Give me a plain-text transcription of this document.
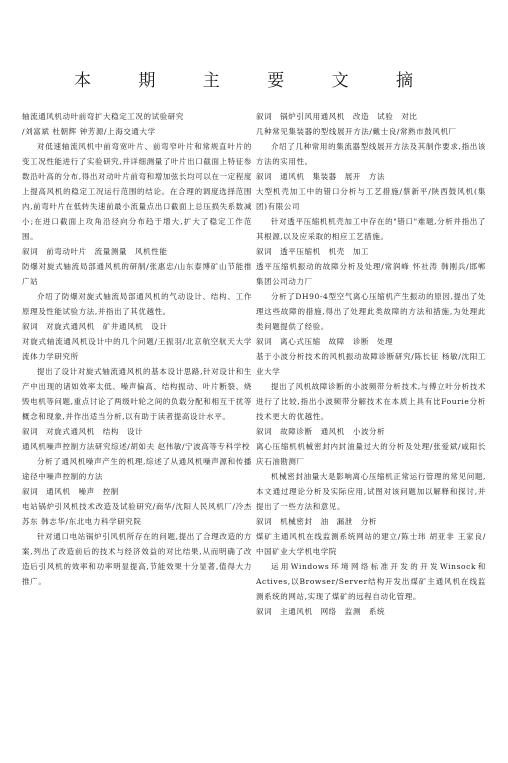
本 期 主 要 文 摘

轴流通风机动叶前弯扩大稳定工况的试验研究

/刘富斌 杜朝辉 钟芳源/上海交通大学

对低速轴流风机中前弯宽叶片、前弯窄叶片和常规直叶片的变工况性能进行了实验研究,并详细测量了叶片出口截面上特征参数沿叶高的分布,得出对动叶片前弯和增加弦长均可以在一定程度上提高风机的稳定工况运行范围的结论。在合理的调度选择范围内,前弯叶片在低转失速前最小流量点出口截面上总压损失系数减小;在进口截面上攻角沿径向分布趋于增大,扩大了稳定工作范围。

叙词 前弯动叶片 流量测量 风机性能

防爆对旋式轴流局部通风机的研制/张惠忠/山东泰博矿山节能推广站

介绍了防爆对旋式轴流局部通风机的气动设计、结构、工作原理及性能试验方法,并指出了其优越性。

叙词 对旋式通风机 矿井通风机 设计

对旋式轴流通风机设计中的几个问题/王振羽/北京航空航天大学流体力学研究所

提出了设计对旋式轴流通风机的基本设计思路,针对设计和生产中出现的诸如效率太低、噪声偏高、结构振动、叶片断裂、烧毁电机等问题,重点讨论了两级叶轮之间的负载分配和相互干扰等概念和现象,并作出适当分析,以有助于读者提高设计水平。

叙词 对旋式通风机 结构 设计

通风机噪声控制方法研究综述/胡如夫 赵伟敏/宁波高等专科学校

分析了通风机噪声产生的机理,综述了从通风机噪声源和传播途径中噪声控制的方法

叙词 通风机 噪声 控制

电站锅炉引风机技术改造及试验研究/商华/沈阳人民风机厂/冷杰 苏东 韩志华/东北电力科学研究院

针对通口电站锅炉引风机所存在的问题,提出了合理改造的方案,列出了改造前后的技术与经济效益的对比结果,从而明确了改造后引风机的效率和功率明显提高,节能效果十分显著,值得大力推广。

叙词 锅炉引风用通风机 改造 试验 对比

几种常见集装器的型线展开方法/戴士良/常熟市鼓风机厂

介绍了几种常用的集流器型线展开方法及其制作要求,指出该方法的实用性。

叙词 通风机 集装器 展开 方法

大型机壳加工中的错口分析与工艺措施/蔡新平/陕西鼓风机(集团)有限公司

针对透平压缩机机壳加工中存在的"错口"难题,分析并指出了其根源,以及应采取的相应工艺措施。

叙词 透平压缩机 机壳 加工

透平压缩机振动的故障分析及处理/常润峰 怀社涛 韩刚兵/邯郸集团公司动力厂

分析了DH90-4型空气离心压缩机产生振动的原因,提出了处理这些故障的措施,得出了处理此类故障的方法和措施,为处理此类问题提供了经验。

叙词 离心式压缩 故障 诊断 处理

基于小波分析技术的风机振动故障诊断研究/陈长征 杨敏/沈阳工业大学

提出了风机故障诊断的小波频带分析技术,与傅立叶分析技术进行了比较,指出小波频带分解技术在本质上具有比Fourie分析技术更大的优越性。

叙词 故障诊断 通风机 小波分析

离心压缩机机械密封内封油量过大的分析及处理/张爱斌/咸阳长庆石油勘测厂

机械密封油量大是影响离心压缩机正常运行管理的常见问题,本文通过理论分析及实际应用,试图对该问题加以解释和探讨,并提出了一些方法和意见。

叙词 机械密封 油 漏泄 分析

煤矿主通风机在线监测系统网站的建立/陈士玮 胡亚非 王家良/中国矿业大学机电学院

运用Windows环境网络标准开发的开发Winsock和Actives,以Browser/Server结构开发出煤矿主通风机在线监测系统的网站,实现了煤矿的远程自动化管理。

叙词 主通风机 网络 监测 系统
